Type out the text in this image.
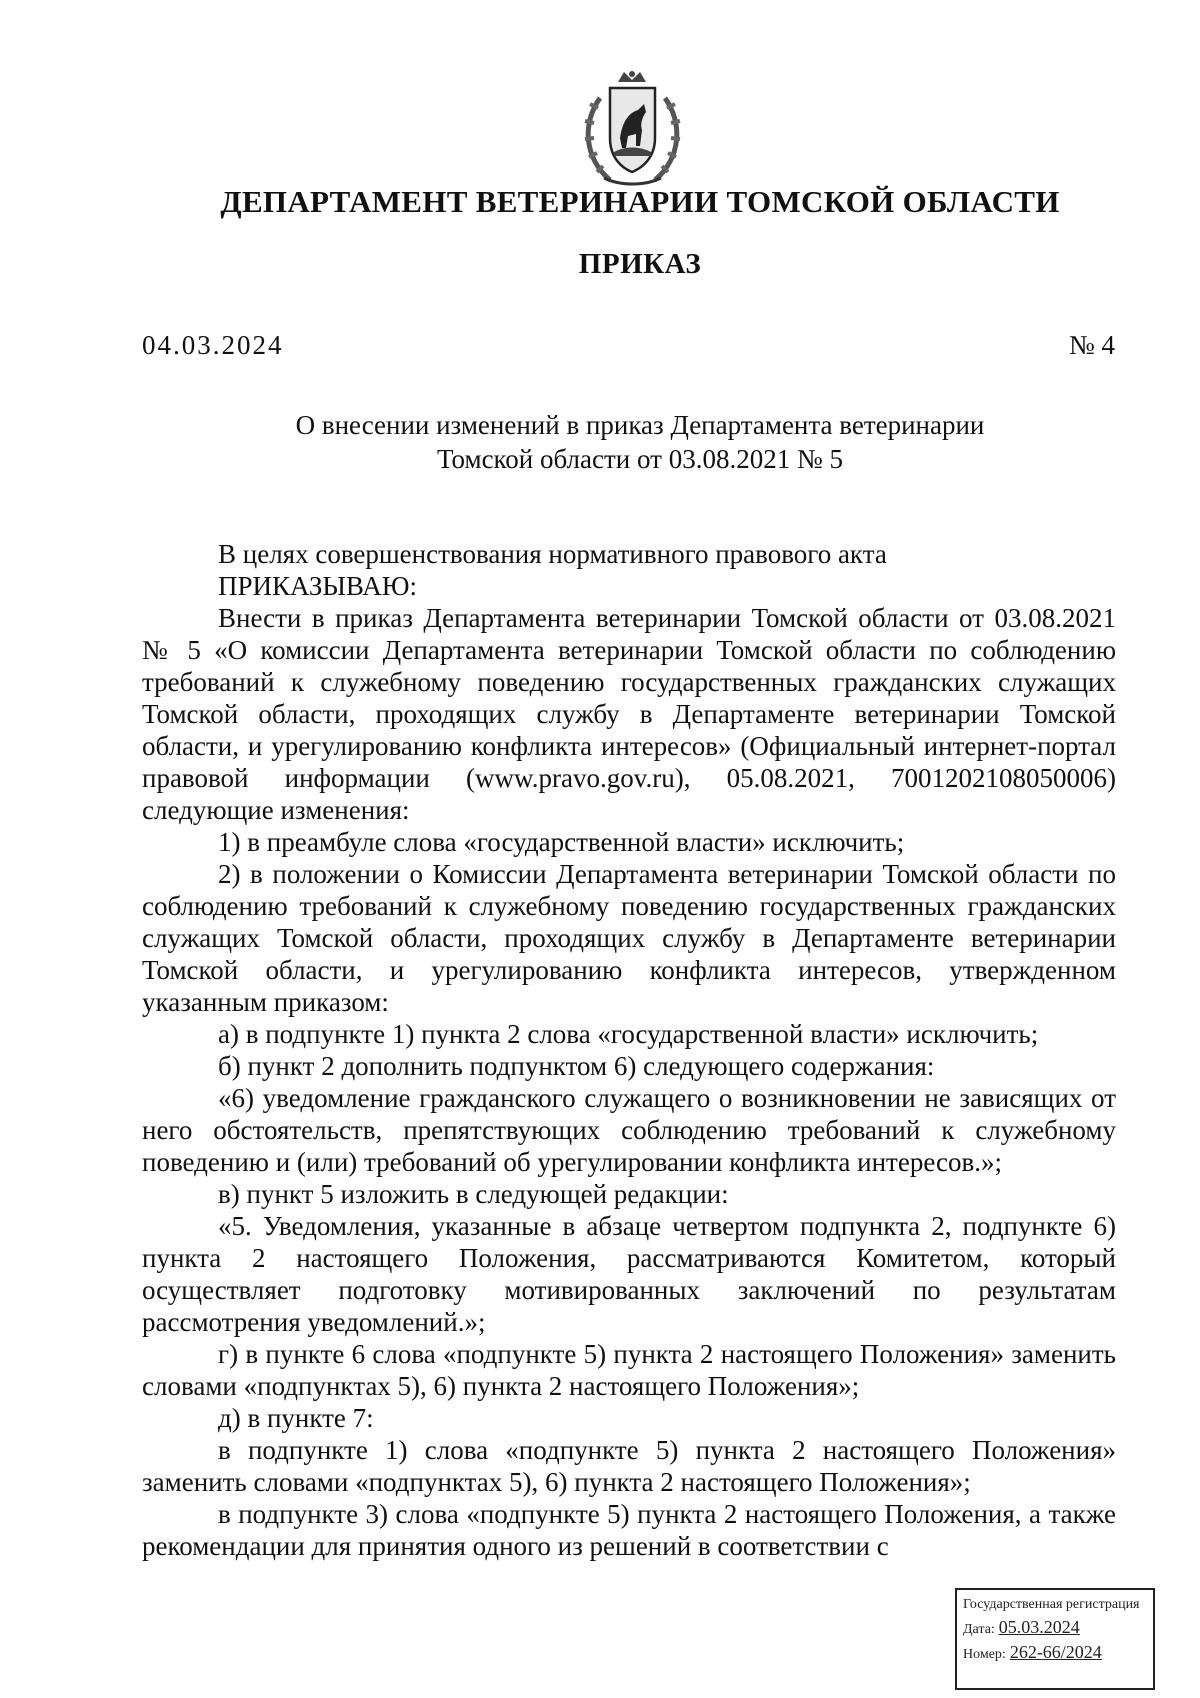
ДЕПАРТАМЕНТ ВЕТЕРИНАРИИ ТОМСКОЙ ОБЛАСТИ
ПРИКАЗ
04.03.2024	№ 4
О внесении изменений в приказ Департамента ветеринарии
Томской области от 03.08.2021 № 5

В целях совершенствования нормативного правового акта

ПРИКАЗЫВАЮ:

Внести в приказ Департамента ветеринарии Томской области от 03.08.2021 № 5 «О комиссии Департамента ветеринарии Томской области по соблюдению требований к служебному поведению государственных гражданских служащих Томской области, проходящих службу в Департаменте ветеринарии Томской области, и урегулированию конфликта интересов» (Официальный интернет-портал правовой информации (www.pravo.gov.ru), 05.08.2021, 7001202108050006) следующие изменения:

1) в преамбуле слова «государственной власти» исключить;

2) в положении о Комиссии Департамента ветеринарии Томской области по соблюдению требований к служебному поведению государственных гражданских служащих Томской области, проходящих службу в Департаменте ветеринарии Томской области, и урегулированию конфликта интересов, утвержденном указанным приказом:

а) в подпункте 1) пункта 2 слова «государственной власти» исключить;

б) пункт 2 дополнить подпунктом 6) следующего содержания:

«6) уведомление гражданского служащего о возникновении не зависящих от него обстоятельств, препятствующих соблюдению требований к служебному поведению и (или) требований об урегулировании конфликта интересов.»;

в) пункт 5 изложить в следующей редакции:

«5. Уведомления, указанные в абзаце четвертом подпункта 2, подпункте 6) пункта 2 настоящего Положения, рассматриваются Комитетом, который осуществляет подготовку мотивированных заключений по результатам рассмотрения уведомлений.»;

г) в пункте 6 слова «подпункте 5) пункта 2 настоящего Положения» заменить словами «подпунктах 5), 6) пункта 2 настоящего Положения»;

д) в пункте 7:

в подпункте 1) слова «подпункте 5) пункта 2 настоящего Положения» заменить словами «подпунктах 5), 6) пункта 2 настоящего Положения»;

в подпункте 3) слова «подпункте 5) пункта 2 настоящего Положения, а также рекомендации для принятия одного из решений в соответствии с

Государственная регистрация
Дата: 05.03.2024
Номер: 262-66/2024
